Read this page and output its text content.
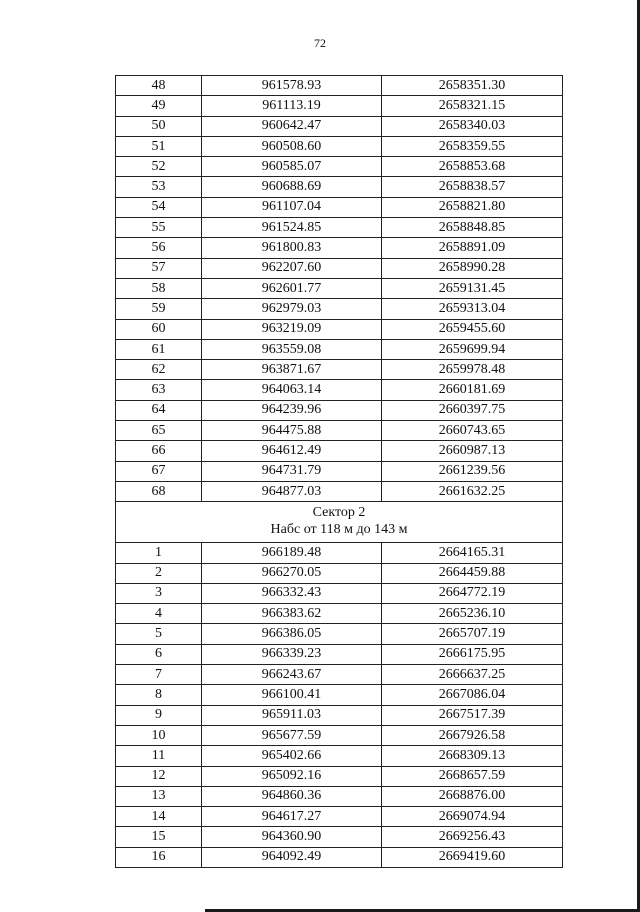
72
48	961578.93	2658351.30
49	961113.19	2658321.15
50	960642.47	2658340.03
51	960508.60	2658359.55
52	960585.07	2658853.68
53	960688.69	2658838.57
54	961107.04	2658821.80
55	961524.85	2658848.85
56	961800.83	2658891.09
57	962207.60	2658990.28
58	962601.77	2659131.45
59	962979.03	2659313.04
60	963219.09	2659455.60
61	963559.08	2659699.94
62	963871.67	2659978.48
63	964063.14	2660181.69
64	964239.96	2660397.75
65	964475.88	2660743.65
66	964612.49	2660987.13
67	964731.79	2661239.56
68	964877.03	2661632.25

Сектор 2
Набс от 118 м до 143 м		

1	966189.48	2664165.31
2	966270.05	2664459.88
3	966332.43	2664772.19
4	966383.62	2665236.10
5	966386.05	2665707.19
6	966339.23	2666175.95
7	966243.67	2666637.25
8	966100.41	2667086.04
9	965911.03	2667517.39
10	965677.59	2667926.58
11	965402.66	2668309.13
12	965092.16	2668657.59
13	964860.36	2668876.00
14	964617.27	2669074.94
15	964360.90	2669256.43
16	964092.49	2669419.60
